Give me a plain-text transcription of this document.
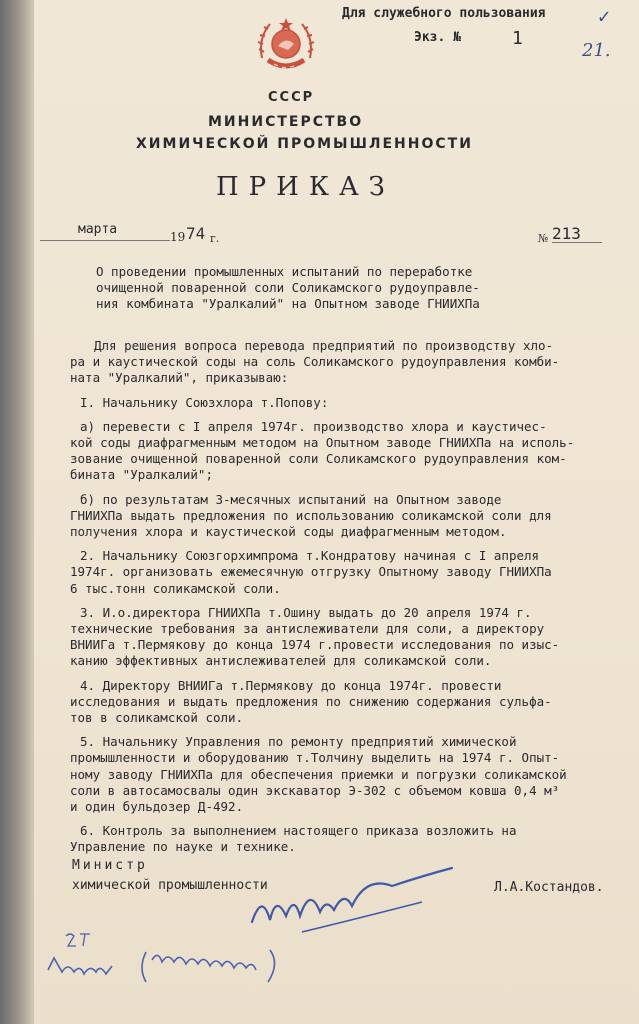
✓
Для служебного пользования
Экз. №	1
21.
СССР
МИНИСТЕРСТВО
ХИМИЧЕСКОЙ ПРОМЫШЛЕННОСТИ
ПРИКАЗ
марта	19 74 г.	№ 213
О проведении промышленных испытаний по переработке
очищенной поваренной соли Соликамского рудоуправле-
ния комбината "Уралкалий" на Опытном заводе ГНИИХПа

Для решения вопроса перевода предприятий по производству хло-

ра и каустической соды на соль Соликамского рудоуправления комби-

ната "Уралкалий", приказываю:

I. Начальнику Союзхлора т.Попову:

а) перевести с I апреля 1974г. производство хлора и каустичес-

кой соды диафрагменным методом на Опытном заводе ГНИИХПа на исполь-

зование очищенной поваренной соли Соликамского рудоуправления ком-

бината "Уралкалий";

б) по результатам 3-месячных испытаний на Опытном заводе

ГНИИХПа выдать предложения по использованию соликамской соли для

получения хлора и каустической соды диафрагменным методом.

2. Начальнику Союзгорхимпрома т.Кондратову начиная с I апреля

1974г. организовать ежемесячную отгрузку Опытному заводу ГНИИХПа

6 тыс.тонн соликамской соли.

3. И.о.директора ГНИИХПа т.Ошину выдать до 20 апреля 1974 г.

технические требования за антислеживатели для соли, а директору

ВНИИГа т.Пермякову до конца 1974 г.провести исследования по изыс-

канию эффективных антислеживателей для соликамской соли.

4. Директору ВНИИГа т.Пермякову до конца 1974г. провести

исследования и выдать предложения по снижению содержания сульфа-

тов в соликамской соли.

5. Начальнику Управления по ремонту предприятий химической

промышленности и оборудованию т.Толчину выделить на 1974 г. Опыт-

ному заводу ГНИИХПа для обеспечения приемки и погрузки соликамской

соли в автосамосвалы один экскаватор Э-302 с объемом ковша 0,4 м³

и один бульдозер Д-492.

6. Контроль за выполнением настоящего приказа возложить на

Управление по науке и технике.

Министр
химической промышленности	Л.А.Костандов.
